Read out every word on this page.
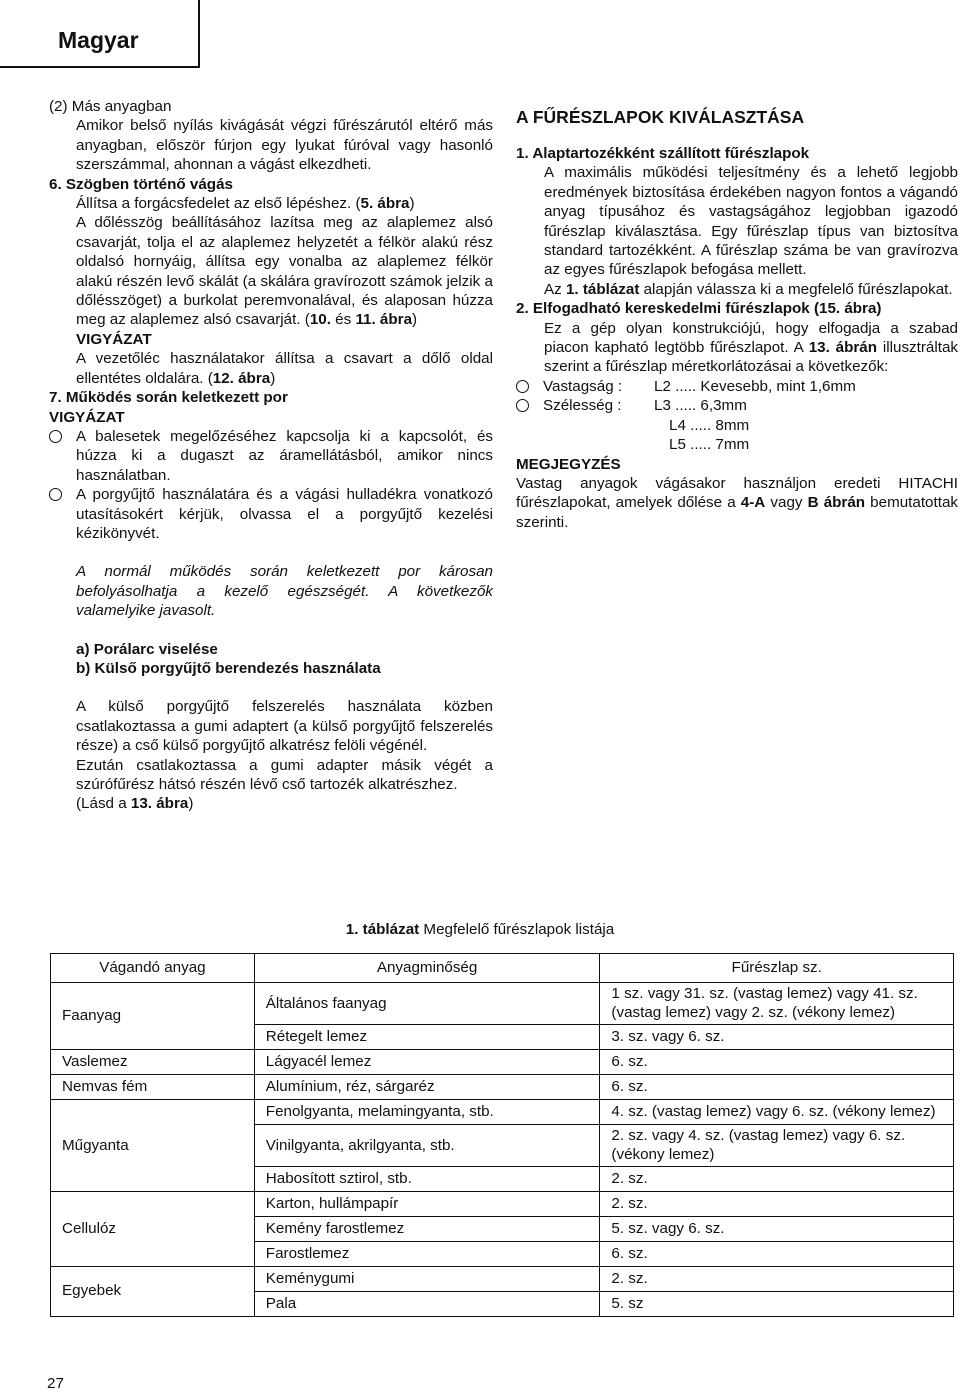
Magyar

(2) Más anyagban

Amikor belső nyílás kivágását végzi fűrészárutól eltérő más anyagban, először fúrjon egy lyukat fúróval vagy hasonló szerszámmal, ahonnan a vágást elkezdheti.

6. Szögben történő vágás

Állítsa a forgácsfedelet az első lépéshez. (5. ábra)

A dőlésszög beállításához lazítsa meg az alaplemez alsó csavarját, tolja el az alaplemez helyzetét a félkör alakú rész oldalsó hornyáig, állítsa egy vonalba az alaplemez félkör alakú részén levő skálát (a skálára gravírozott számok jelzik a dőlésszöget) a burkolat peremvonalával, és alaposan húzza meg az alaplemez alsó csavarját. (10. és 11. ábra)

VIGYÁZAT

A vezetőléc használatakor állítsa a csavart a dőlő oldal ellentétes oldalára. (12. ábra)

7. Működés során keletkezett por

VIGYÁZAT

A balesetek megelőzéséhez kapcsolja ki a kapcsolót, és húzza ki a dugaszt az áramellátásból, amikor nincs használatban.

A porgyűjtő használatára és a vágási hulladékra vonatkozó utasításokért kérjük, olvassa el a porgyűjtő kezelési kézikönyvét.

A normál működés során keletkezett por károsan befolyásolhatja a kezelő egészségét. A következők valamelyike javasolt.

a) Porálarc viselése

b) Külső porgyűjtő berendezés használata

A külső porgyűjtő felszerelés használata közben csatlakoztassa a gumi adaptert (a külső porgyűjtő felszerelés része) a cső külső porgyűjtő alkatrész felöli végénél.

Ezután csatlakoztassa a gumi adapter másik végét a szúrófűrész hátsó részén lévő cső tartozék alkatrészhez.

(Lásd a 13. ábra)

A FŰRÉSZLAPOK KIVÁLASZTÁSA

1. Alaptartozékként szállított fűrészlapok

A maximális működési teljesítmény és a lehető legjobb eredmények biztosítása érdekében nagyon fontos a vágandó anyag típusához és vastagságához legjobban igazodó fűrészlap kiválasztása. Egy fűrészlap típus van biztosítva standard tartozékként. A fűrészlap száma be van gravírozva az egyes fűrészlapok befogása mellett.

Az 1. táblázat alapján válassza ki a megfelelő fűrészlapokat.

2. Elfogadható kereskedelmi fűrészlapok (15. ábra)

Ez a gép olyan konstrukciójú, hogy elfogadja a szabad piacon kapható legtöbb fűrészlapot. A 13. ábrán illusztráltak szerint a fűrészlap méretkorlátozásai a következők:

Vastagság :	L2 ..... Kevesebb, mint 1,6mm
Szélesség :	L3 ..... 6,3mm

L4 ..... 8mm

L5 ..... 7mm

MEGJEGYZÉS

Vastag anyagok vágásakor használjon eredeti HITACHI fűrészlapokat, amelyek dőlése a 4-A vagy B ábrán bemutatottak szerinti.

1. táblázat Megfelelő fűrészlapok listája
Vágandó anyag	Anyagminőség	Fűrészlap sz.
Faanyag	Általános faanyag	1 sz. vagy 31. sz. (vastag lemez) vagy 41. sz. (vastag lemez) vagy 2. sz. (vékony lemez)
	Rétegelt lemez	3. sz. vagy 6. sz.
Vaslemez	Lágyacél lemez	6. sz.
Nemvas fém	Alumínium, réz, sárgaréz	6. sz.
Műgyanta	Fenolgyanta, melamingyanta, stb.	4. sz. (vastag lemez) vagy 6. sz. (vékony lemez)
	Vinilgyanta, akrilgyanta, stb.	2. sz. vagy 4. sz. (vastag lemez) vagy 6. sz. (vékony lemez)
	Habosított sztirol, stb.	2. sz.
Cellulóz	Karton, hullámpapír	2. sz.
	Kemény farostlemez	5. sz. vagy 6. sz.
	Farostlemez	6. sz.
Egyebek	Keménygumi	2. sz.
	Pala	5. sz
27
